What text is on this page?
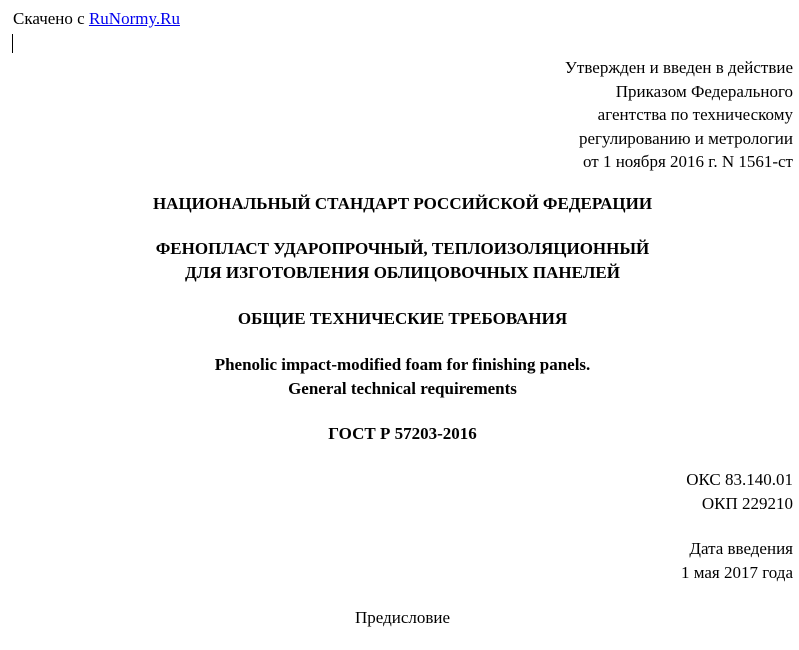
Скачено с RuNormy.Ru
Утвержден и введен в действие
Приказом Федерального
агентства по техническому
регулированию и метрологии
от 1 ноября 2016 г. N 1561-ст
НАЦИОНАЛЬНЫЙ СТАНДАРТ РОССИЙСКОЙ ФЕДЕРАЦИИ
ФЕНОПЛАСТ УДАРОПРОЧНЫЙ, ТЕПЛОИЗОЛЯЦИОННЫЙ
ДЛЯ ИЗГОТОВЛЕНИЯ ОБЛИЦОВОЧНЫХ ПАНЕЛЕЙ
ОБЩИЕ ТЕХНИЧЕСКИЕ ТРЕБОВАНИЯ
Phenolic impact-modified foam for finishing panels.
General technical requirements
ГОСТ Р 57203-2016
ОКС 83.140.01
ОКП 229210
Дата введения
1 мая 2017 года
Предисловие
